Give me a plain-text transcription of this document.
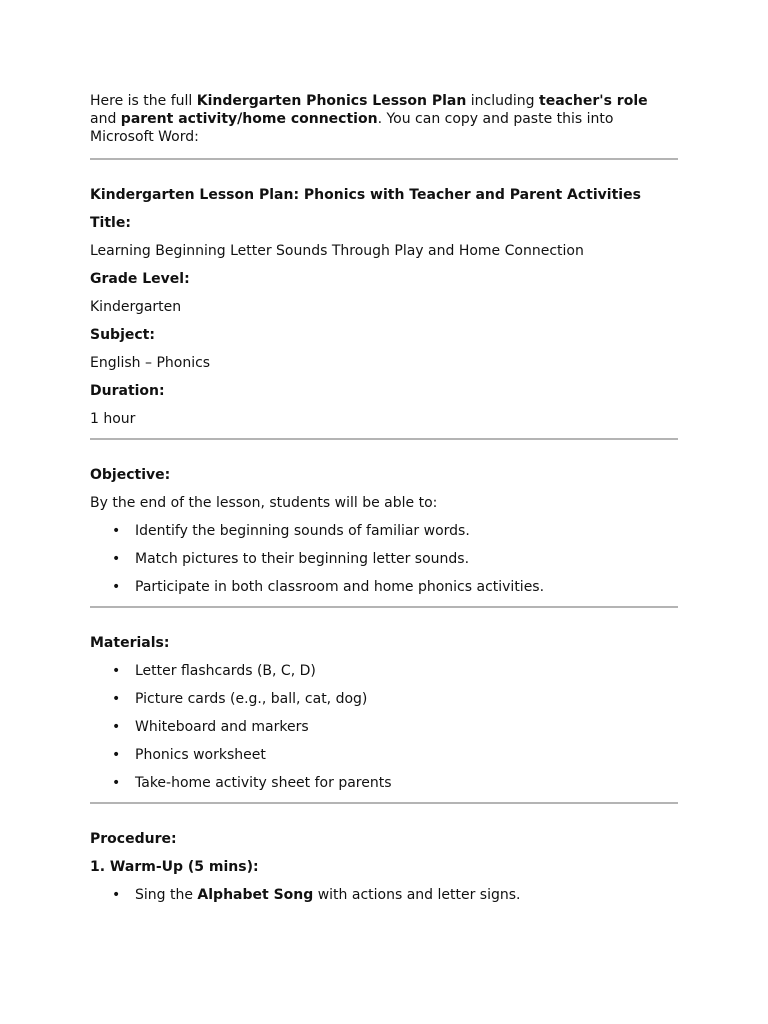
Here is the full Kindergarten Phonics Lesson Plan including teacher's role and parent activity/home connection. You can copy and paste this into Microsoft Word:

Kindergarten Lesson Plan: Phonics with Teacher and Parent Activities

Title:

Learning Beginning Letter Sounds Through Play and Home Connection

Grade Level:

Kindergarten

Subject:

English – Phonics

Duration:

1 hour

Objective:

By the end of the lesson, students will be able to:

• Identify the beginning sounds of familiar words.
• Match pictures to their beginning letter sounds.
• Participate in both classroom and home phonics activities.

Materials:

• Letter flashcards (B, C, D)
• Picture cards (e.g., ball, cat, dog)
• Whiteboard and markers
• Phonics worksheet
• Take-home activity sheet for parents

Procedure:

1. Warm-Up (5 mins):

• Sing the Alphabet Song with actions and letter signs.
